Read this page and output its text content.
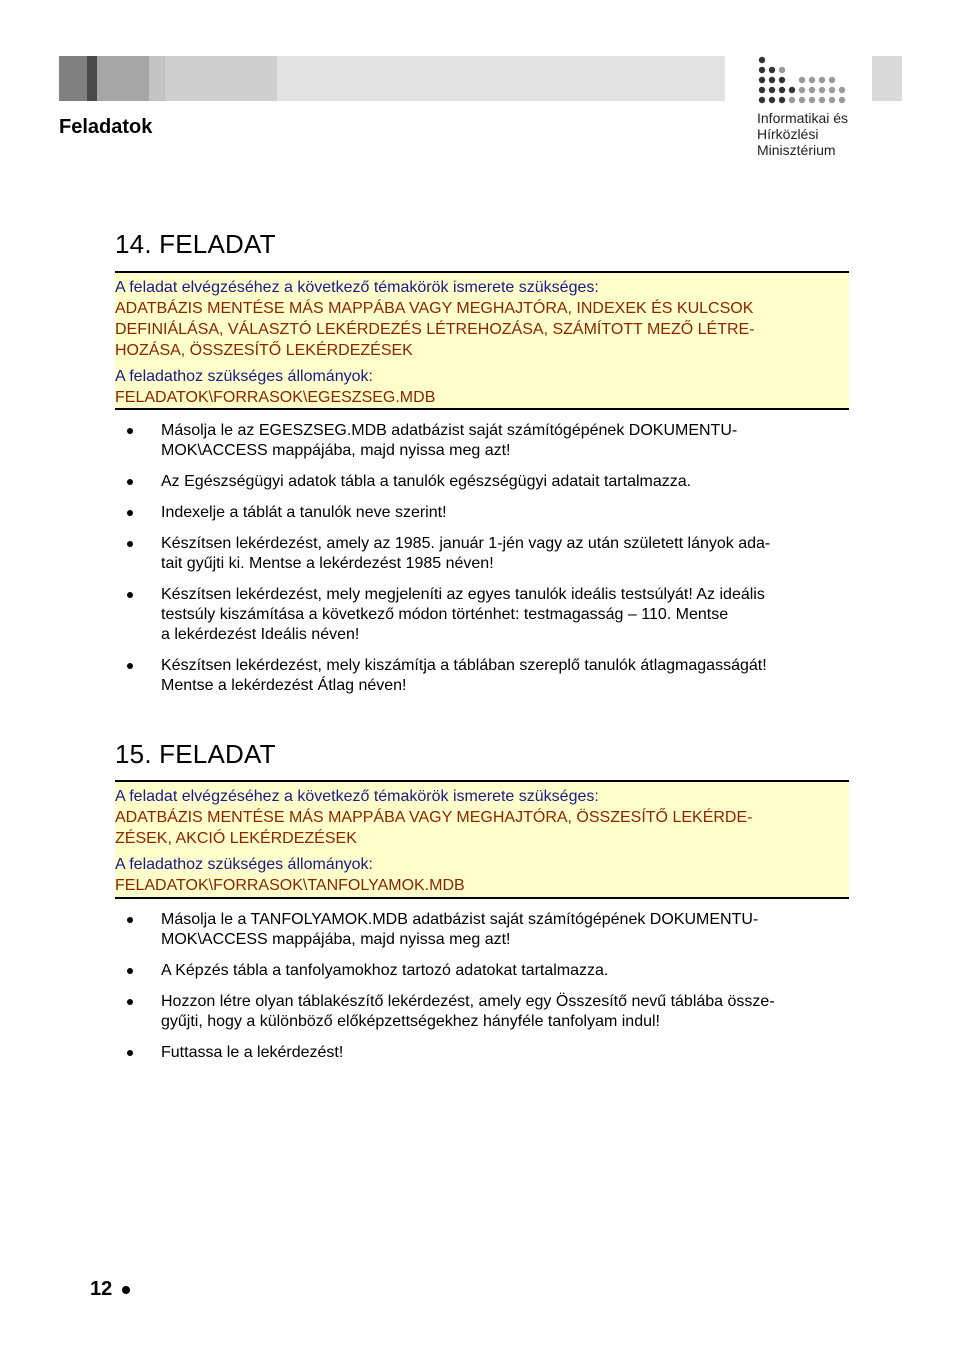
Feladatok	Informatikai és
Hírközlési
Minisztérium
14. FELADAT
A feladat elvégzéséhez a következő témakörök ismerete szükséges:
ADATBÁZIS MENTÉSE MÁS MAPPÁBA VAGY MEGHAJTÓRA, INDEXEK ÉS KULCSOK
DEFINIÁLÁSA, VÁLASZTÓ LEKÉRDEZÉS LÉTREHOZÁSA, SZÁMÍTOTT MEZŐ LÉTRE-
HOZÁSA, ÖSSZESÍTŐ LEKÉRDEZÉSEK
A feladathoz szükséges állományok:
FELADATOK\FORRASOK\EGESZSEG.MDB
Másolja le az EGESZSEG.MDB adatbázist saját számítógépének DOKUMENTU-
MOK\ACCESS mappájába, majd nyissa meg azt!
Az Egészségügyi adatok tábla a tanulók egészségügyi adatait tartalmazza.
Indexelje a táblát a tanulók neve szerint!
Készítsen lekérdezést, amely az 1985. január 1-jén vagy az után született lányok ada-
tait gyűjti ki. Mentse a lekérdezést 1985 néven!
Készítsen lekérdezést, mely megjeleníti az egyes tanulók ideális testsúlyát! Az ideális
testsúly kiszámítása a következő módon történhet: testmagasság – 110. Mentse
a lekérdezést Ideális néven!
Készítsen lekérdezést, mely kiszámítja a táblában szereplő tanulók átlagmagasságát!
Mentse a lekérdezést Átlag néven!
15. FELADAT
A feladat elvégzéséhez a következő témakörök ismerete szükséges:
ADATBÁZIS MENTÉSE MÁS MAPPÁBA VAGY MEGHAJTÓRA, ÖSSZESÍTŐ LEKÉRDE-
ZÉSEK, AKCIÓ LEKÉRDEZÉSEK
A feladathoz szükséges állományok:
FELADATOK\FORRASOK\TANFOLYAMOK.MDB
Másolja le a TANFOLYAMOK.MDB adatbázist saját számítógépének DOKUMENTU-
MOK\ACCESS mappájába, majd nyissa meg azt!
A Képzés tábla a tanfolyamokhoz tartozó adatokat tartalmazza.
Hozzon létre olyan táblakészítő lekérdezést, amely egy Összesítő nevű táblába össze-
gyűjti, hogy a különböző előképzettségekhez hányféle tanfolyam indul!
Futtassa le a lekérdezést!
12
